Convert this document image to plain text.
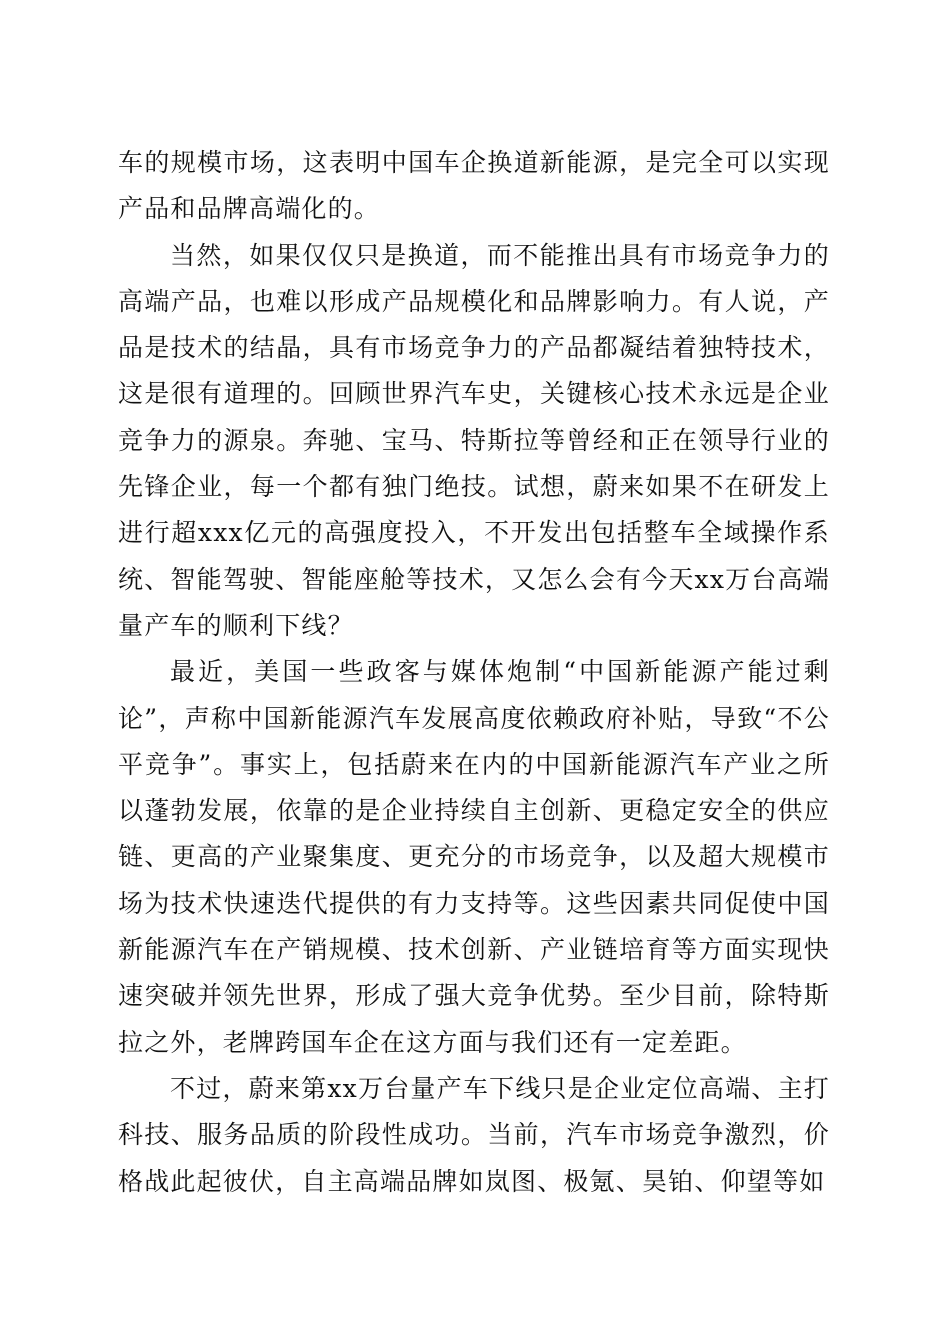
车的规模市场，这表明中国车企换道新能源，是完全可以实现产品和品牌高端化的。

当然，如果仅仅只是换道，而不能推出具有市场竞争力的高端产品，也难以形成产品规模化和品牌影响力。有人说，产品是技术的结晶，具有市场竞争力的产品都凝结着独特技术，这是很有道理的。回顾世界汽车史，关键核心技术永远是企业竞争力的源泉。奔驰、宝马、特斯拉等曾经和正在领导行业的先锋企业，每一个都有独门绝技。试想，蔚来如果不在研发上进行超xxx亿元的高强度投入，不开发出包括整车全域操作系统、智能驾驶、智能座舱等技术，又怎么会有今天xx万台高端量产车的顺利下线？

最近，美国一些政客与媒体炮制“中国新能源产能过剩论”，声称中国新能源汽车发展高度依赖政府补贴，导致“不公平竞争”。事实上，包括蔚来在内的中国新能源汽车产业之所以蓬勃发展，依靠的是企业持续自主创新、更稳定安全的供应链、更高的产业聚集度、更充分的市场竞争，以及超大规模市场为技术快速迭代提供的有力支持等。这些因素共同促使中国新能源汽车在产销规模、技术创新、产业链培育等方面实现快速突破并领先世界，形成了强大竞争优势。至少目前，除特斯拉之外，老牌跨国车企在这方面与我们还有一定差距。

不过，蔚来第xx万台量产车下线只是企业定位高端、主打科技、服务品质的阶段性成功。当前，汽车市场竞争激烈，价格战此起彼伏，自主高端品牌如岚图、极氪、昊铂、仰望等如
